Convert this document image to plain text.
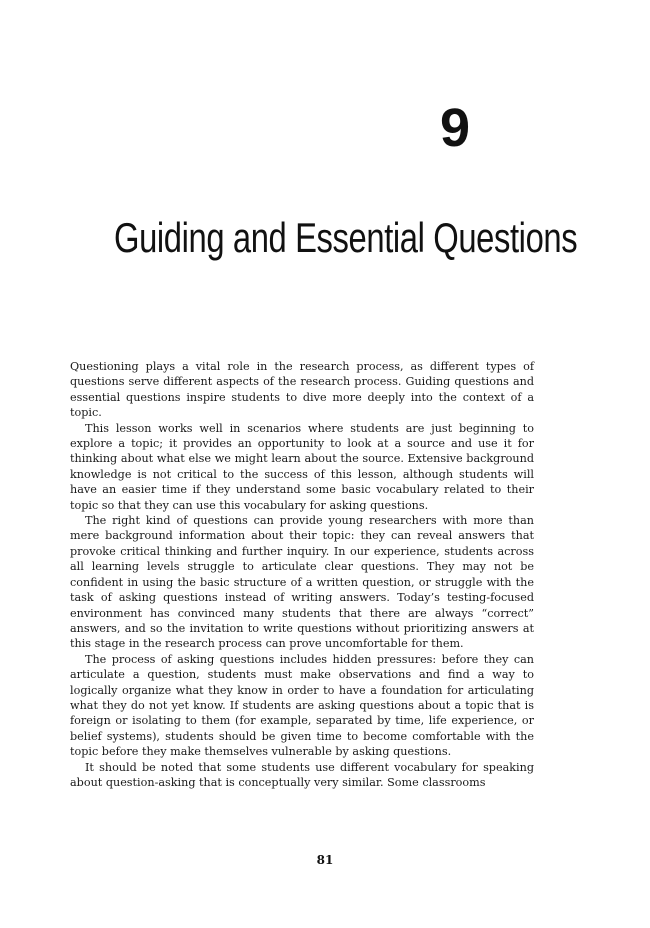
9
Guiding and Essential Questions

Questioning plays a vital role in the research process, as different types of questions serve different aspects of the research process. Guiding questions and essential questions inspire students to dive more deeply into the context of a topic.

This lesson works well in scenarios where students are just beginning to explore a topic; it provides an opportunity to look at a source and use it for thinking about what else we might learn about the source. Extensive background knowledge is not critical to the success of this lesson, although students will have an easier time if they understand some basic vocabulary related to their topic so that they can use this vocabulary for asking questions.

The right kind of questions can provide young researchers with more than mere background information about their topic: they can reveal answers that provoke critical thinking and further inquiry. In our experience, students across all learning levels struggle to articulate clear questions. They may not be confident in using the basic structure of a written question, or struggle with the task of asking questions instead of writing answers. Today’s testing-focused environment has convinced many students that there are always “correct” answers, and so the invitation to write questions without prioritizing answers at this stage in the research process can prove uncomfortable for them.

The process of asking questions includes hidden pressures: before they can articulate a question, students must make observations and find a way to logically organize what they know in order to have a foundation for articulating what they do not yet know. If students are asking questions about a topic that is foreign or isolating to them (for example, separated by time, life experience, or belief systems), students should be given time to become comfortable with the topic before they make themselves vulnerable by asking questions.

It should be noted that some students use different vocabulary for speaking about question-asking that is conceptually very similar. Some classrooms

81
